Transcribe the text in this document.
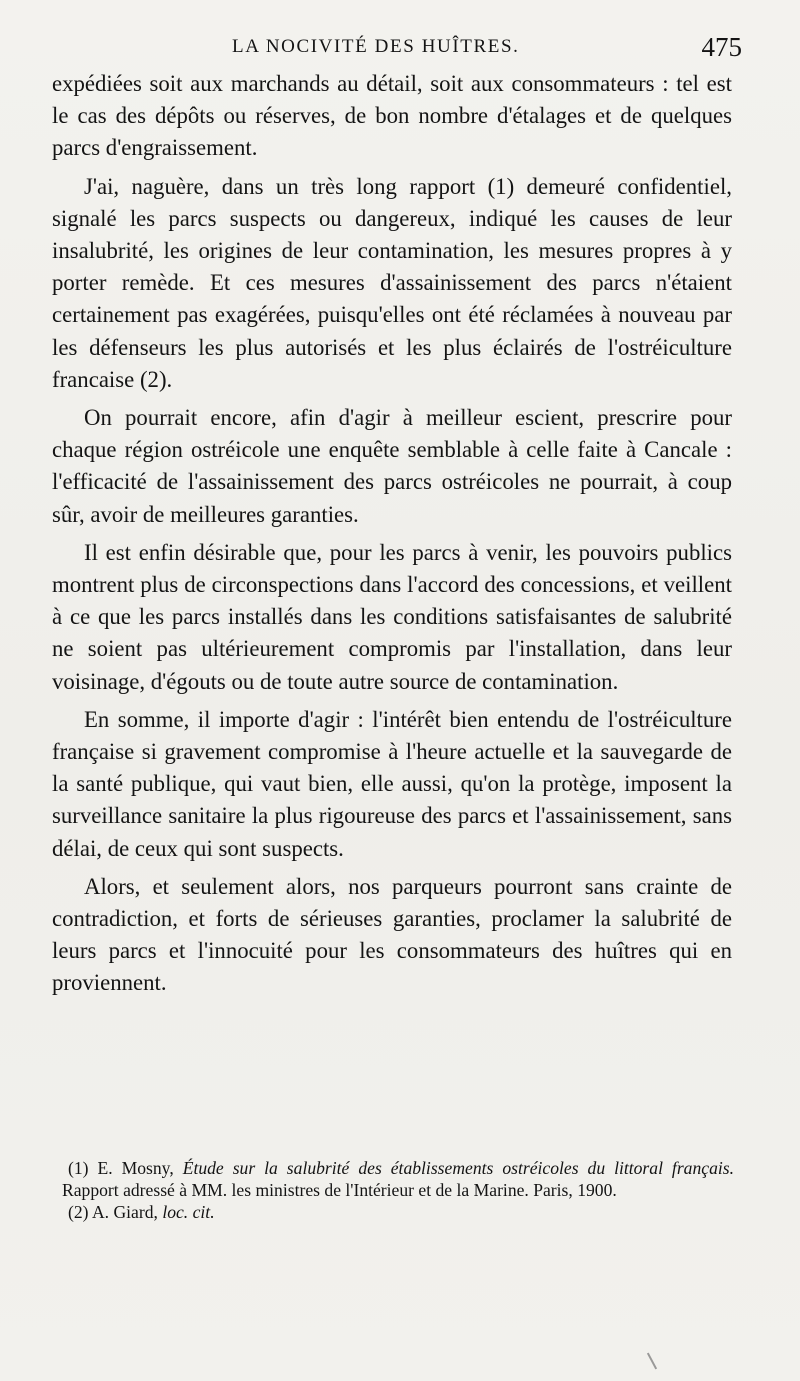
LA NOCIVITÉ DES HUÎTRES.	475

expédiées soit aux marchands au détail, soit aux consommateurs : tel est le cas des dépôts ou réserves, de bon nombre d'étalages et de quelques parcs d'engraissement.

J'ai, naguère, dans un très long rapport (1) demeuré confidentiel, signalé les parcs suspects ou dangereux, indiqué les causes de leur insalubrité, les origines de leur contamination, les mesures propres à y porter remède. Et ces mesures d'assainissement des parcs n'étaient certainement pas exagérées, puisqu'elles ont été réclamées à nouveau par les défenseurs les plus autorisés et les plus éclairés de l'ostréiculture francaise (2).

On pourrait encore, afin d'agir à meilleur escient, prescrire pour chaque région ostréicole une enquête semblable à celle faite à Cancale : l'efficacité de l'assainissement des parcs ostréicoles ne pourrait, à coup sûr, avoir de meilleures garanties.

Il est enfin désirable que, pour les parcs à venir, les pouvoirs publics montrent plus de circonspections dans l'accord des concessions, et veillent à ce que les parcs installés dans les conditions satisfaisantes de salubrité ne soient pas ultérieurement compromis par l'installation, dans leur voisinage, d'égouts ou de toute autre source de contamination.

En somme, il importe d'agir : l'intérêt bien entendu de l'ostréiculture française si gravement compromise à l'heure actuelle et la sauvegarde de la santé publique, qui vaut bien, elle aussi, qu'on la protège, imposent la surveillance sanitaire la plus rigoureuse des parcs et l'assainissement, sans délai, de ceux qui sont suspects.

Alors, et seulement alors, nos parqueurs pourront sans crainte de contradiction, et forts de sérieuses garanties, proclamer la salubrité de leurs parcs et l'innocuité pour les consommateurs des huîtres qui en proviennent.

(1) E. Mosny, Étude sur la salubrité des établissements ostréicoles du littoral français. Rapport adressé à MM. les ministres de l'Intérieur et de la Marine. Paris, 1900.

(2) A. Giard, loc. cit.
